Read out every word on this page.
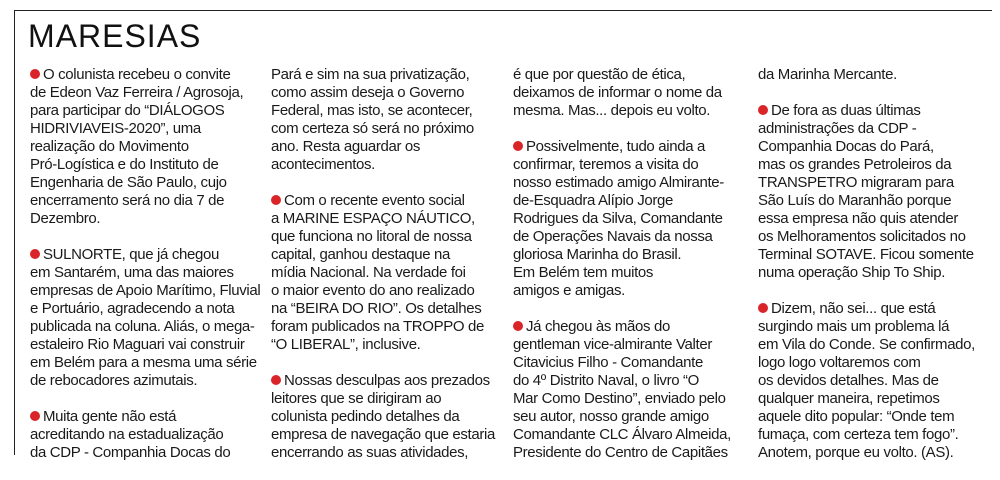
MARESIAS
O colunista recebeu o convite
de Edeon Vaz Ferreira / Agrosoja,
para participar do “DIÁLOGOS
HIDRIVIAVEIS-2020”, uma
realização do Movimento
Pró-Logística e do Instituto de
Engenharia de São Paulo, cujo
encerramento será no dia 7 de
Dezembro.
SULNORTE, que já chegou
em Santarém, uma das maiores
empresas de Apoio Marítimo, Fluvial
e Portuário, agradecendo a nota
publicada na coluna. Aliás, o mega-
estaleiro Rio Maguari vai construir
em Belém para a mesma uma série
de rebocadores azimutais.
Muita gente não está
acreditando na estadualização
da CDP - Companhia Docas do
Pará e sim na sua privatização,
como assim deseja o Governo
Federal, mas isto, se acontecer,
com certeza só será no próximo
ano. Resta aguardar os
acontecimentos.
Com o recente evento social
a MARINE ESPAÇO NÁUTICO,
que funciona no litoral de nossa
capital, ganhou destaque na
mídia Nacional. Na verdade foi
o maior evento do ano realizado
na “BEIRA DO RIO”. Os detalhes
foram publicados na TROPPO de
“O LIBERAL”, inclusive.
Nossas desculpas aos prezados
leitores que se dirigiram ao
colunista pedindo detalhes da
empresa de navegação que estaria
encerrando as suas atividades,
é que por questão de ética,
deixamos de informar o nome da
mesma. Mas... depois eu volto.
Possivelmente, tudo ainda a
confirmar, teremos a visita do
nosso estimado amigo Almirante-
de-Esquadra Alípio Jorge
Rodrigues da Silva, Comandante
de Operações Navais da nossa
gloriosa Marinha do Brasil.
Em Belém tem muitos
amigos e amigas.
Já chegou às mãos do
gentleman vice-almirante Valter
Citavicius Filho - Comandante
do 4º Distrito Naval, o livro “O
Mar Como Destino”, enviado pelo
seu autor, nosso grande amigo
Comandante CLC Álvaro Almeida,
Presidente do Centro de Capitães
da Marinha Mercante.
De fora as duas últimas
administrações da CDP -
Companhia Docas do Pará,
mas os grandes Petroleiros da
TRANSPETRO migraram para
São Luís do Maranhão porque
essa empresa não quis atender
os Melhoramentos solicitados no
Terminal SOTAVE. Ficou somente
numa operação Ship To Ship.
Dizem, não sei... que está
surgindo mais um problema lá
em Vila do Conde. Se confirmado,
logo logo voltaremos com
os devidos detalhes. Mas de
qualquer maneira, repetimos
aquele dito popular: “Onde tem
fumaça, com certeza tem fogo”.
Anotem, porque eu volto. (AS).
